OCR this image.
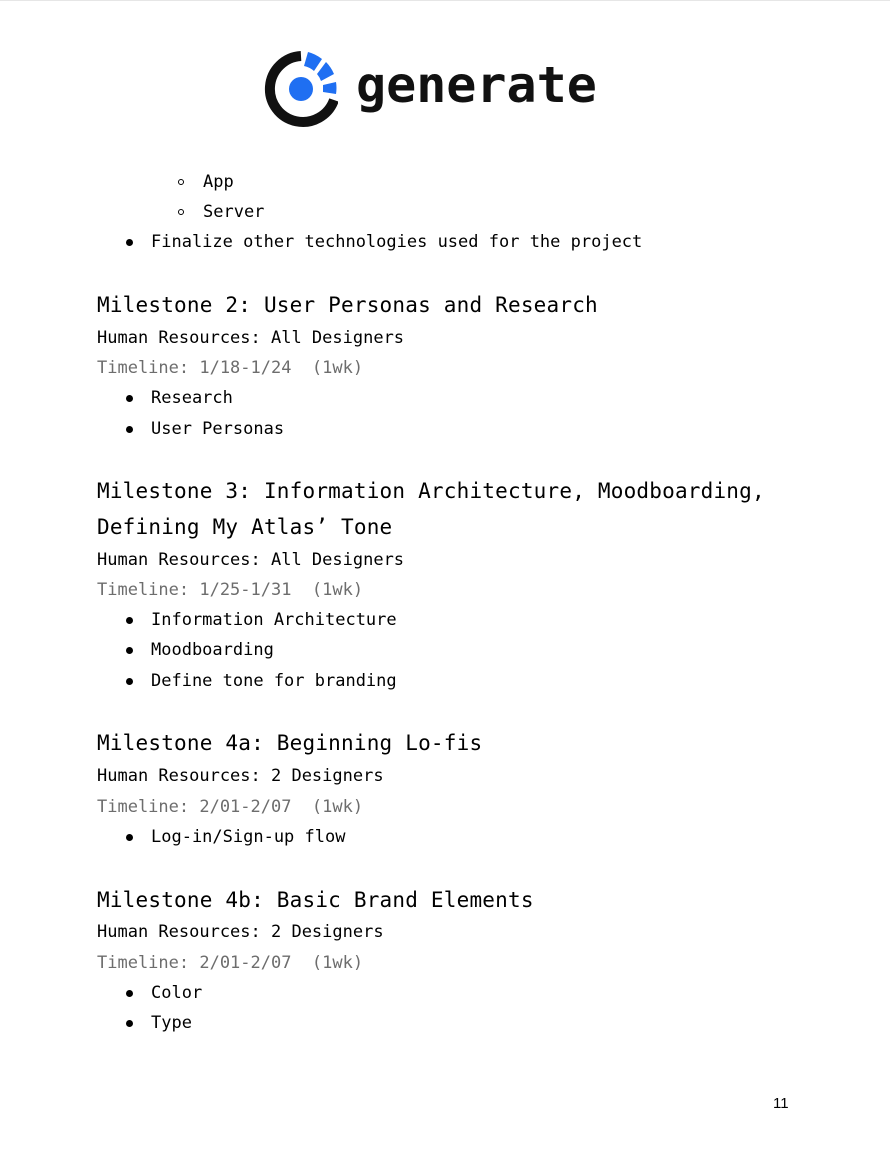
generate
App
Server
Finalize other technologies used for the project
Milestone 2: User Personas and Research
Human Resources: All Designers
Timeline: 1/18-1/24  (1wk)
Research
User Personas
Milestone 3: Information Architecture, Moodboarding,
Defining My Atlas’ Tone
Human Resources: All Designers
Timeline: 1/25-1/31  (1wk)
Information Architecture
Moodboarding
Define tone for branding
Milestone 4a: Beginning Lo-fis
Human Resources: 2 Designers
Timeline: 2/01-2/07  (1wk)
Log-in/Sign-up flow
Milestone 4b: Basic Brand Elements
Human Resources: 2 Designers
Timeline: 2/01-2/07  (1wk)
Color
Type
11
